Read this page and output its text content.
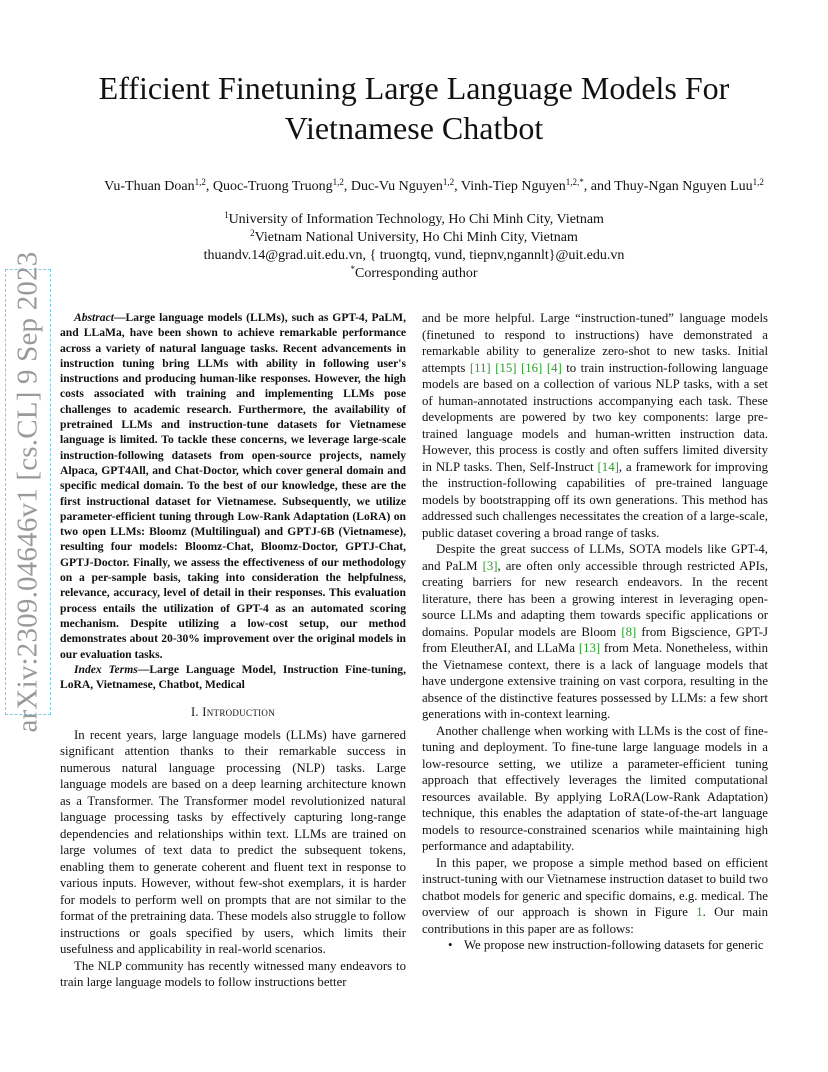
arXiv:2309.04646v1 [cs.CL] 9 Sep 2023
Efficient Finetuning Large Language Models For
Vietnamese Chatbot
Vu-Thuan Doan$^{1,2}$, Quoc-Truong Truong$^{1,2}$, Duc-Vu Nguyen$^{1,2}$, Vinh-Tiep Nguyen$^{1,2,*}$, and Thuy-Ngan Nguyen Luu$^{1,2}$
$^1$University of Information Technology, Ho Chi Minh City, Vietnam
$^2$Vietnam National University, Ho Chi Minh City, Vietnam
thuandv.14@grad.uit.edu.vn, { truongtq, vund, tiepnv,ngannlt}@uit.edu.vn
*Corresponding author

Abstract—Large language models (LLMs), such as GPT-4, PaLM, and LLaMa, have been shown to achieve remarkable performance across a variety of natural language tasks. Recent advancements in instruction tuning bring LLMs with ability in following user's instructions and producing human-like responses. However, the high costs associated with training and implementing LLMs pose challenges to academic research. Furthermore, the availability of pretrained LLMs and instruction-tune datasets for Vietnamese language is limited. To tackle these concerns, we leverage large-scale instruction-following datasets from open-source projects, namely Alpaca, GPT4All, and Chat-Doctor, which cover general domain and specific medical domain. To the best of our knowledge, these are the first instructional dataset for Vietnamese. Subsequently, we utilize parameter-efficient tuning through Low-Rank Adaptation (LoRA) on two open LLMs: Bloomz (Multilingual) and GPTJ-6B (Vietnamese), resulting four models: Bloomz-Chat, Bloomz-Doctor, GPTJ-Chat, GPTJ-Doctor. Finally, we assess the effectiveness of our methodology on a per-sample basis, taking into consideration the helpfulness, relevance, accuracy, level of detail in their responses. This evaluation process entails the utilization of GPT-4 as an automated scoring mechanism. Despite utilizing a low-cost setup, our method demonstrates about 20-30% improvement over the original models in our evaluation tasks.

Index Terms—Large Language Model, Instruction Fine-tuning, LoRA, Vietnamese, Chatbot, Medical

I. Introduction

In recent years, large language models (LLMs) have garnered significant attention thanks to their remarkable success in numerous natural language processing (NLP) tasks. Large language models are based on a deep learning architecture known as a Transformer. The Transformer model revolutionized natural language processing tasks by effectively capturing long-range dependencies and relationships within text. LLMs are trained on large volumes of text data to predict the subsequent tokens, enabling them to generate coherent and fluent text in response to various inputs. However, without few-shot exemplars, it is harder for models to perform well on prompts that are not similar to the format of the pretraining data. These models also struggle to follow instructions or goals specified by users, which limits their usefulness and applicability in real-world scenarios.

The NLP community has recently witnessed many endeavors to train large language models to follow instructions better

and be more helpful. Large “instruction-tuned” language models (finetuned to respond to instructions) have demonstrated a remarkable ability to generalize zero-shot to new tasks. Initial attempts [11] [15] [16] [4] to train instruction-following language models are based on a collection of various NLP tasks, with a set of human-annotated instructions accompanying each task. These developments are powered by two key components: large pre-trained language models and human-written instruction data. However, this process is costly and often suffers limited diversity in NLP tasks. Then, Self-Instruct [14], a framework for improving the instruction-following capabilities of pre-trained language models by bootstrapping off its own generations. This method has addressed such challenges necessitates the creation of a large-scale, public dataset covering a broad range of tasks.

Despite the great success of LLMs, SOTA models like GPT-4, and PaLM [3], are often only accessible through restricted APIs, creating barriers for new research endeavors. In the recent literature, there has been a growing interest in leveraging open-source LLMs and adapting them towards specific applications or domains. Popular models are Bloom [8] from Bigscience, GPT-J from EleutherAI, and LLaMa [13] from Meta. Nonetheless, within the Vietnamese context, there is a lack of language models that have undergone extensive training on vast corpora, resulting in the absence of the distinctive features possessed by LLMs: a few short generations with in-context learning.

Another challenge when working with LLMs is the cost of fine-tuning and deployment. To fine-tune large language models in a low-resource setting, we utilize a parameter-efficient tuning approach that effectively leverages the limited computational resources available. By applying LoRA(Low-Rank Adaptation) technique, this enables the adaptation of state-of-the-art language models to resource-constrained scenarios while maintaining high performance and adaptability.

In this paper, we propose a simple method based on efficient instruct-tuning with our Vietnamese instruction dataset to build two chatbot models for generic and specific domains, e.g. medical. The overview of our approach is shown in Figure 1. Our main contributions in this paper are as follows:

• We propose new instruction-following datasets for generic
